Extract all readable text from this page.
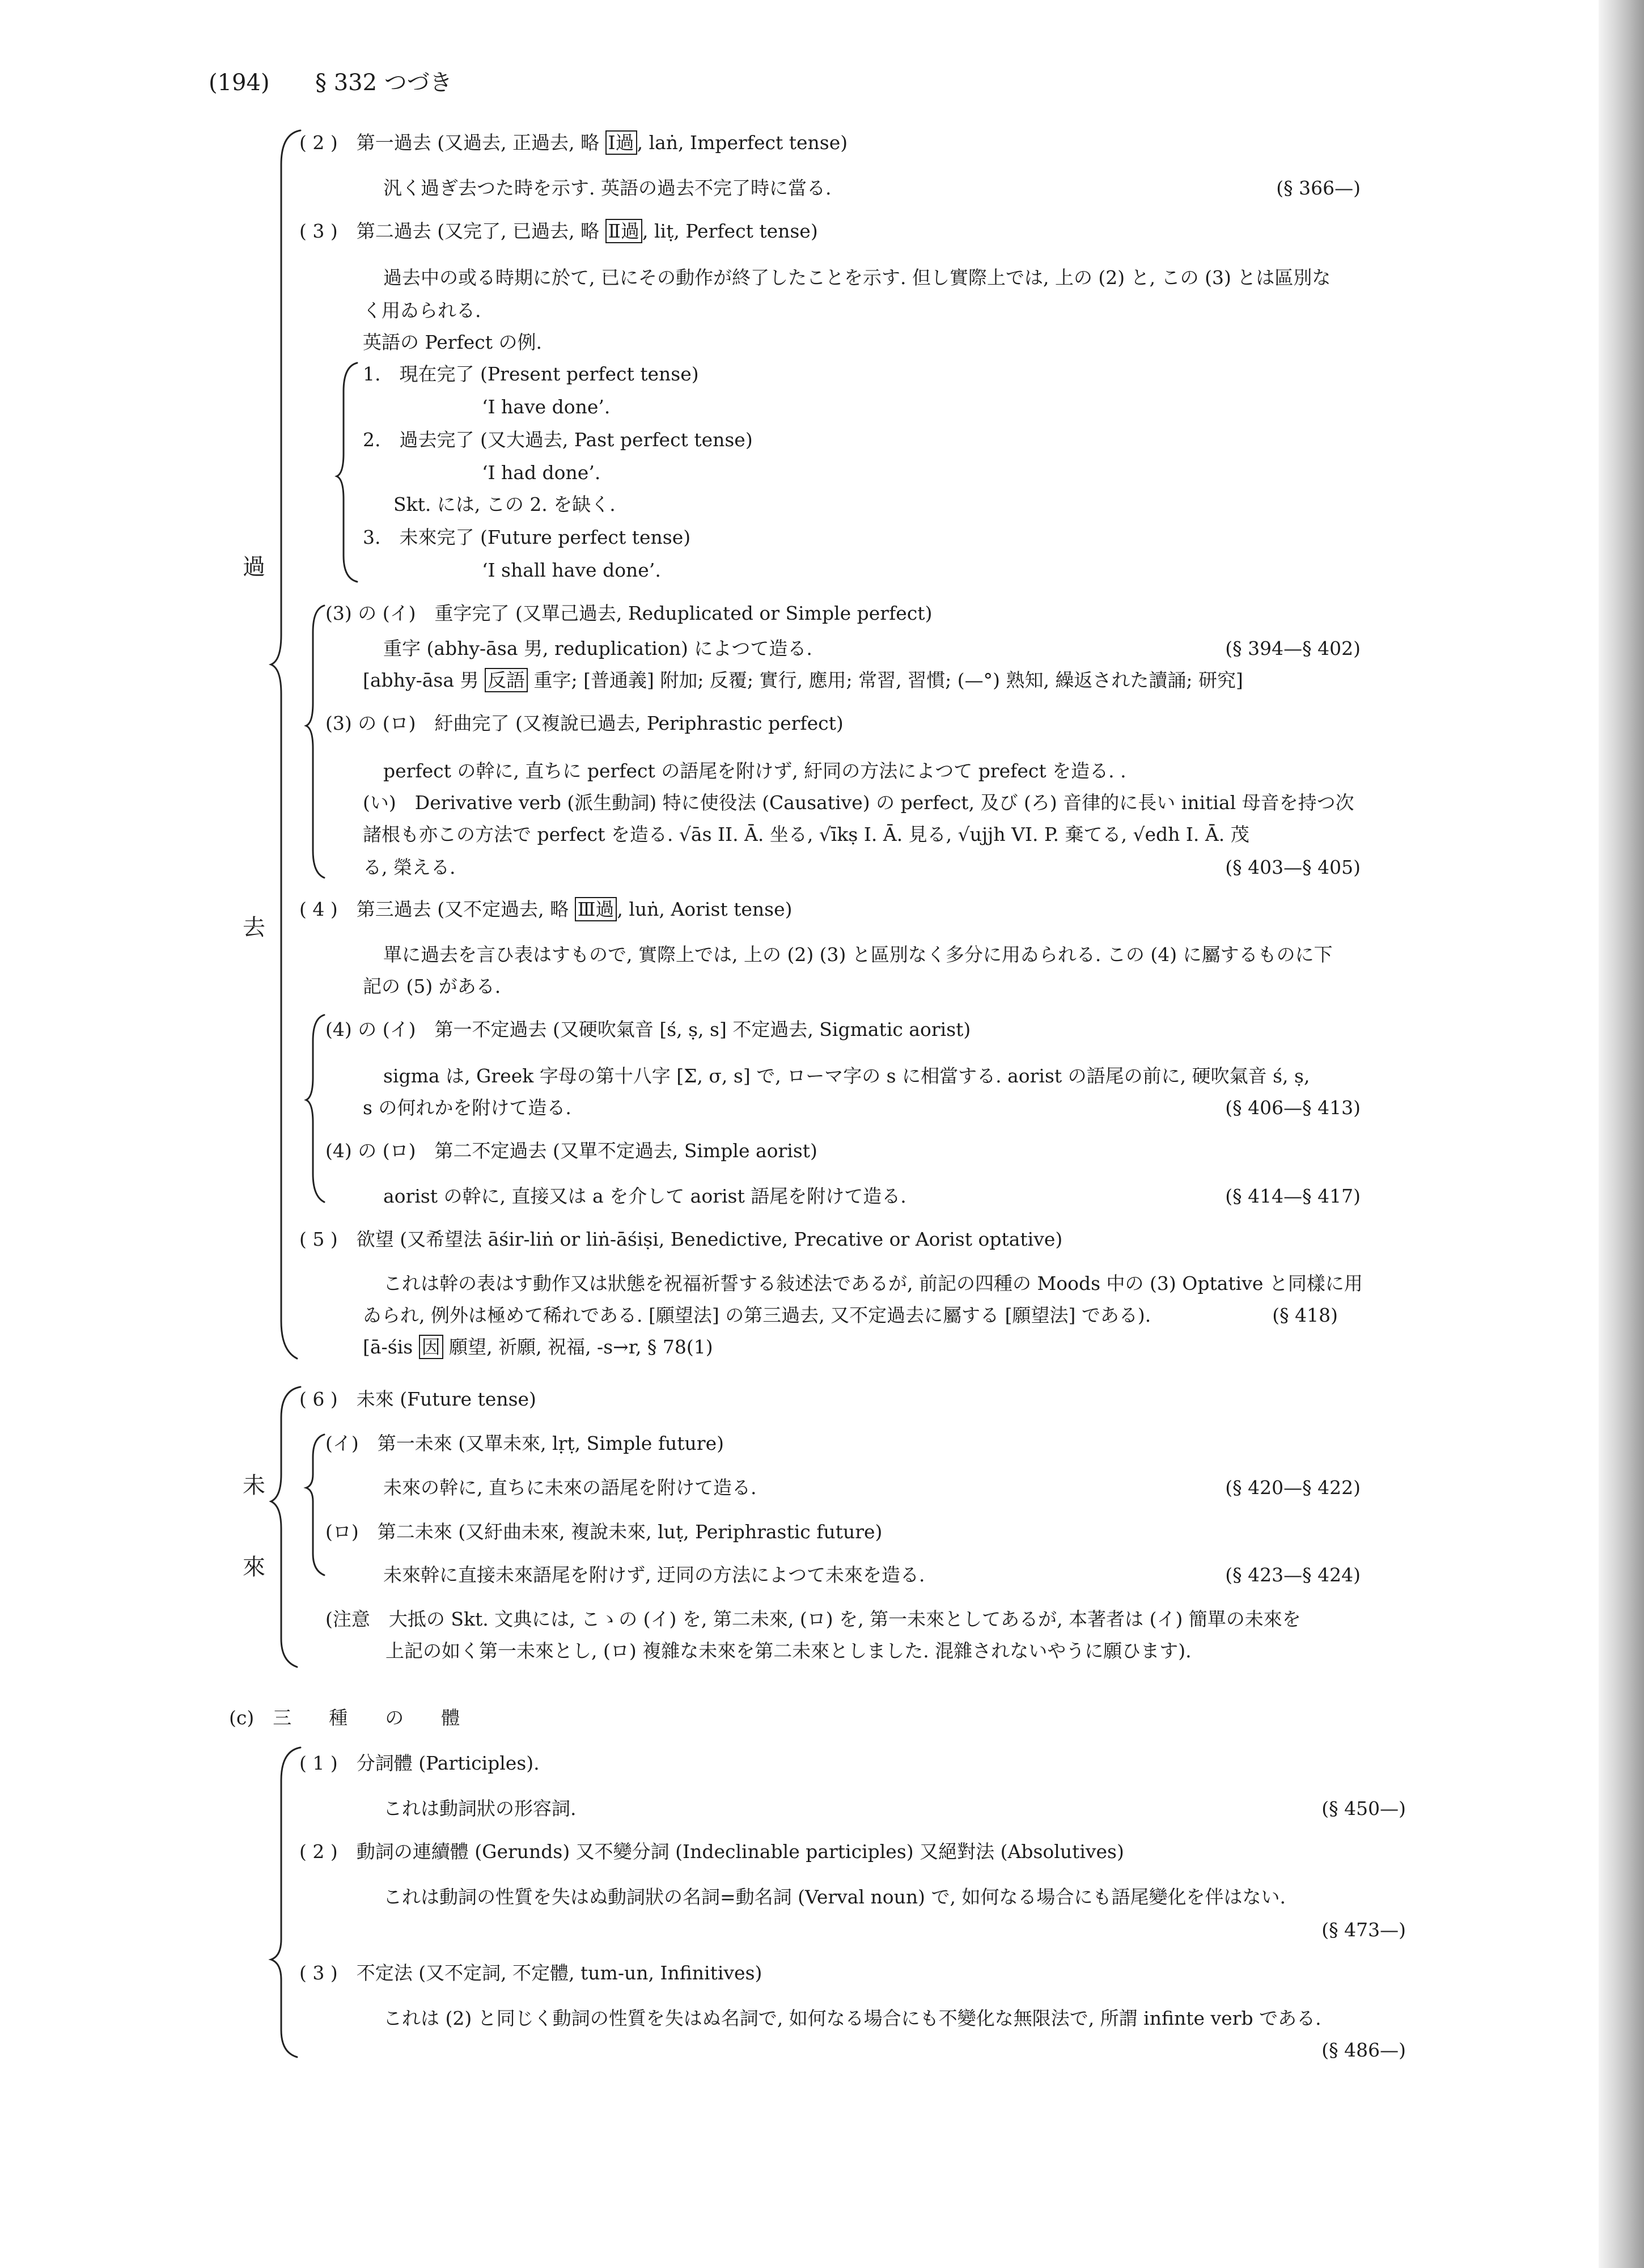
(194) § 332 つづき
過
去
未
來
( 2 )　第一過去 (又過去, 正過去, 略 Ⅰ過 , laṅ, Imperfect tense)
汎く過ぎ去つた時を示す. 英語の過去不完了時に當る.	(§ 366—)
( 3 )　第二過去 (又完了, 已過去, 略 Ⅱ過 , liṭ, Perfect tense)
過去中の或る時期に於て, 已にその動作が終了したことを示す. 但し實際上では, 上の (2) と, この (3) とは區別な
く用ゐられる.
英語の Perfect の例.
1.　現在完了 (Present perfect tense)
‘I have done’.
2.　過去完了 (又大過去, Past perfect tense)
‘I had done’.
Skt. には, この 2. を缺く.
3.　未來完了 (Future perfect tense)
‘I shall have done’.
(3) の (イ)　重字完了 (又單己過去, Reduplicated or Simple perfect)
重字 (abhy-āsa 男, reduplication) によつて造る.	(§ 394—§ 402)
[abhy-āsa 男 反語 重字; [普通義] 附加; 反覆; 實行, 應用; 常習, 習慣; (—°) 熟知, 繰返された讀誦; 研究]
(3) の (ロ)　紆曲完了 (又複說已過去, Periphrastic perfect)
perfect の幹に, 直ちに perfect の語尾を附けず, 紆同の方法によつて prefect を造る. .
(い)　Derivative verb (派生動詞) 特に使役法 (Causative) の perfect, 及び (ろ) 音律的に長い initial 母音を持つ次
諸根も亦この方法で perfect を造る. √ās II. Ā. 坐る, √īkṣ I. Ā. 見る, √ujjh VI. P. 棄てる, √edh I. Ā. 茂
る, 榮える.	(§ 403—§ 405)
( 4 )　第三過去 (又不定過去, 略 Ⅲ過 , luṅ, Aorist tense)
單に過去を言ひ表はすもので, 實際上では, 上の (2) (3) と區別なく多分に用ゐられる. この (4) に屬するものに下
記の (5) がある.
(4) の (イ)　第一不定過去 (又硬吹氣音 [ś, ṣ, s] 不定過去, Sigmatic aorist)
sigma は, Greek 字母の第十八字 [Σ, σ, s] で, ローマ字の s に相當する. aorist の語尾の前に, 硬吹氣音 ś, ṣ,
s の何れかを附けて造る.	(§ 406—§ 413)
(4) の (ロ)　第二不定過去 (又單不定過去, Simple aorist)
aorist の幹に, 直接又は a を介して aorist 語尾を附けて造る.	(§ 414—§ 417)
( 5 )　欲望 (又希望法 āśir-liṅ or liṅ-āśiṣi, Benedictive, Precative or Aorist optative)
これは幹の表はす動作又は狀態を祝福祈誓する敍述法であるが, 前記の四種の Moods 中の (3) Optative と同樣に用
ゐられ, 例外は極めて稀れである. [願望法] の第三過去, 又不定過去に屬する [願望法] である).	(§ 418)
[ā-śis 因 願望, 祈願, 祝福, -s→r, § 78(1)
( 6 )　未來 (Future tense)
(イ)　第一未來 (又單未來, lṛṭ, Simple future)
未來の幹に, 直ちに未來の語尾を附けて造る.	(§ 420—§ 422)
(ロ)　第二未來 (又紆曲未來, 複說未來, luṭ, Periphrastic future)
未來幹に直接未來語尾を附けず, 迂同の方法によつて未來を造る.	(§ 423—§ 424)
(注意　大抵の Skt. 文典には, こゝの (イ) を, 第二未來, (ロ) を, 第一未來としてあるが, 本著者は (イ) 簡單の未來を
上記の如く第一未來とし, (ロ) 複雜な未來を第二未來としました. 混雜されないやうに願ひます).
(c)　三　　種　　の　　體
( 1 )　分詞體 (Participles).
これは動詞狀の形容詞.	(§ 450—)
( 2 )　動詞の連續體 (Gerunds) 又不變分詞 (Indeclinable participles) 又絕對法 (Absolutives)
これは動詞の性質を失はぬ動詞狀の名詞=動名詞 (Verval noun) で, 如何なる場合にも語尾變化を伴はない.
(§ 473—)
( 3 )　不定法 (又不定詞, 不定體, tum-un, Infinitives)
これは (2) と同じく動詞の性質を失はぬ名詞で, 如何なる場合にも不變化な無限法で, 所謂 infinte verb である.
(§ 486—)
